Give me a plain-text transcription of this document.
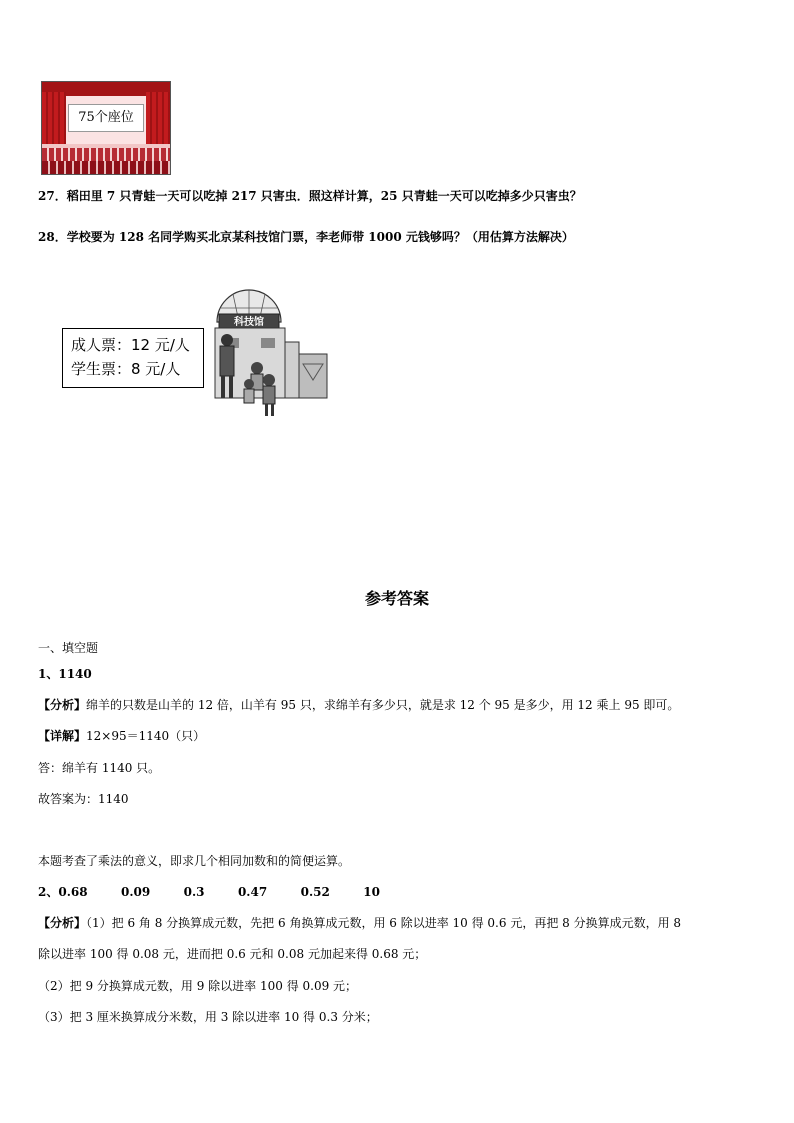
75个座位
27．稻田里 7 只青蛙一天可以吃掉 217 只害虫．照这样计算，25 只青蛙一天可以吃掉多少只害虫？
28．学校要为 128 名同学购买北京某科技馆门票，李老师带 1000 元钱够吗？（用估算方法解决）
成人票：12 元/人
学生票：8 元/人
科技馆
参考答案
一、填空题
1、1140
【分析】绵羊的只数是山羊的 12 倍，山羊有 95 只，求绵羊有多少只，就是求 12 个 95 是多少，用 12 乘上 95 即可。
【详解】12×95＝1140（只）
答：绵羊有 1140 只。
故答案为：1140
本题考查了乘法的意义，即求几个相同加数和的简便运算。
2、0.68        0.09        0.3        0.47        0.52        10
【分析】（1）把 6 角 8 分换算成元数，先把 6 角换算成元数，用 6 除以进率 10 得 0.6 元，再把 8 分换算成元数，用 8
除以进率 100 得 0.08 元，进而把 0.6 元和 0.08 元加起来得 0.68 元；
（2）把 9 分换算成元数，用 9 除以进率 100 得 0.09 元；
（3）把 3 厘米换算成分米数，用 3 除以进率 10 得 0.3 分米；
